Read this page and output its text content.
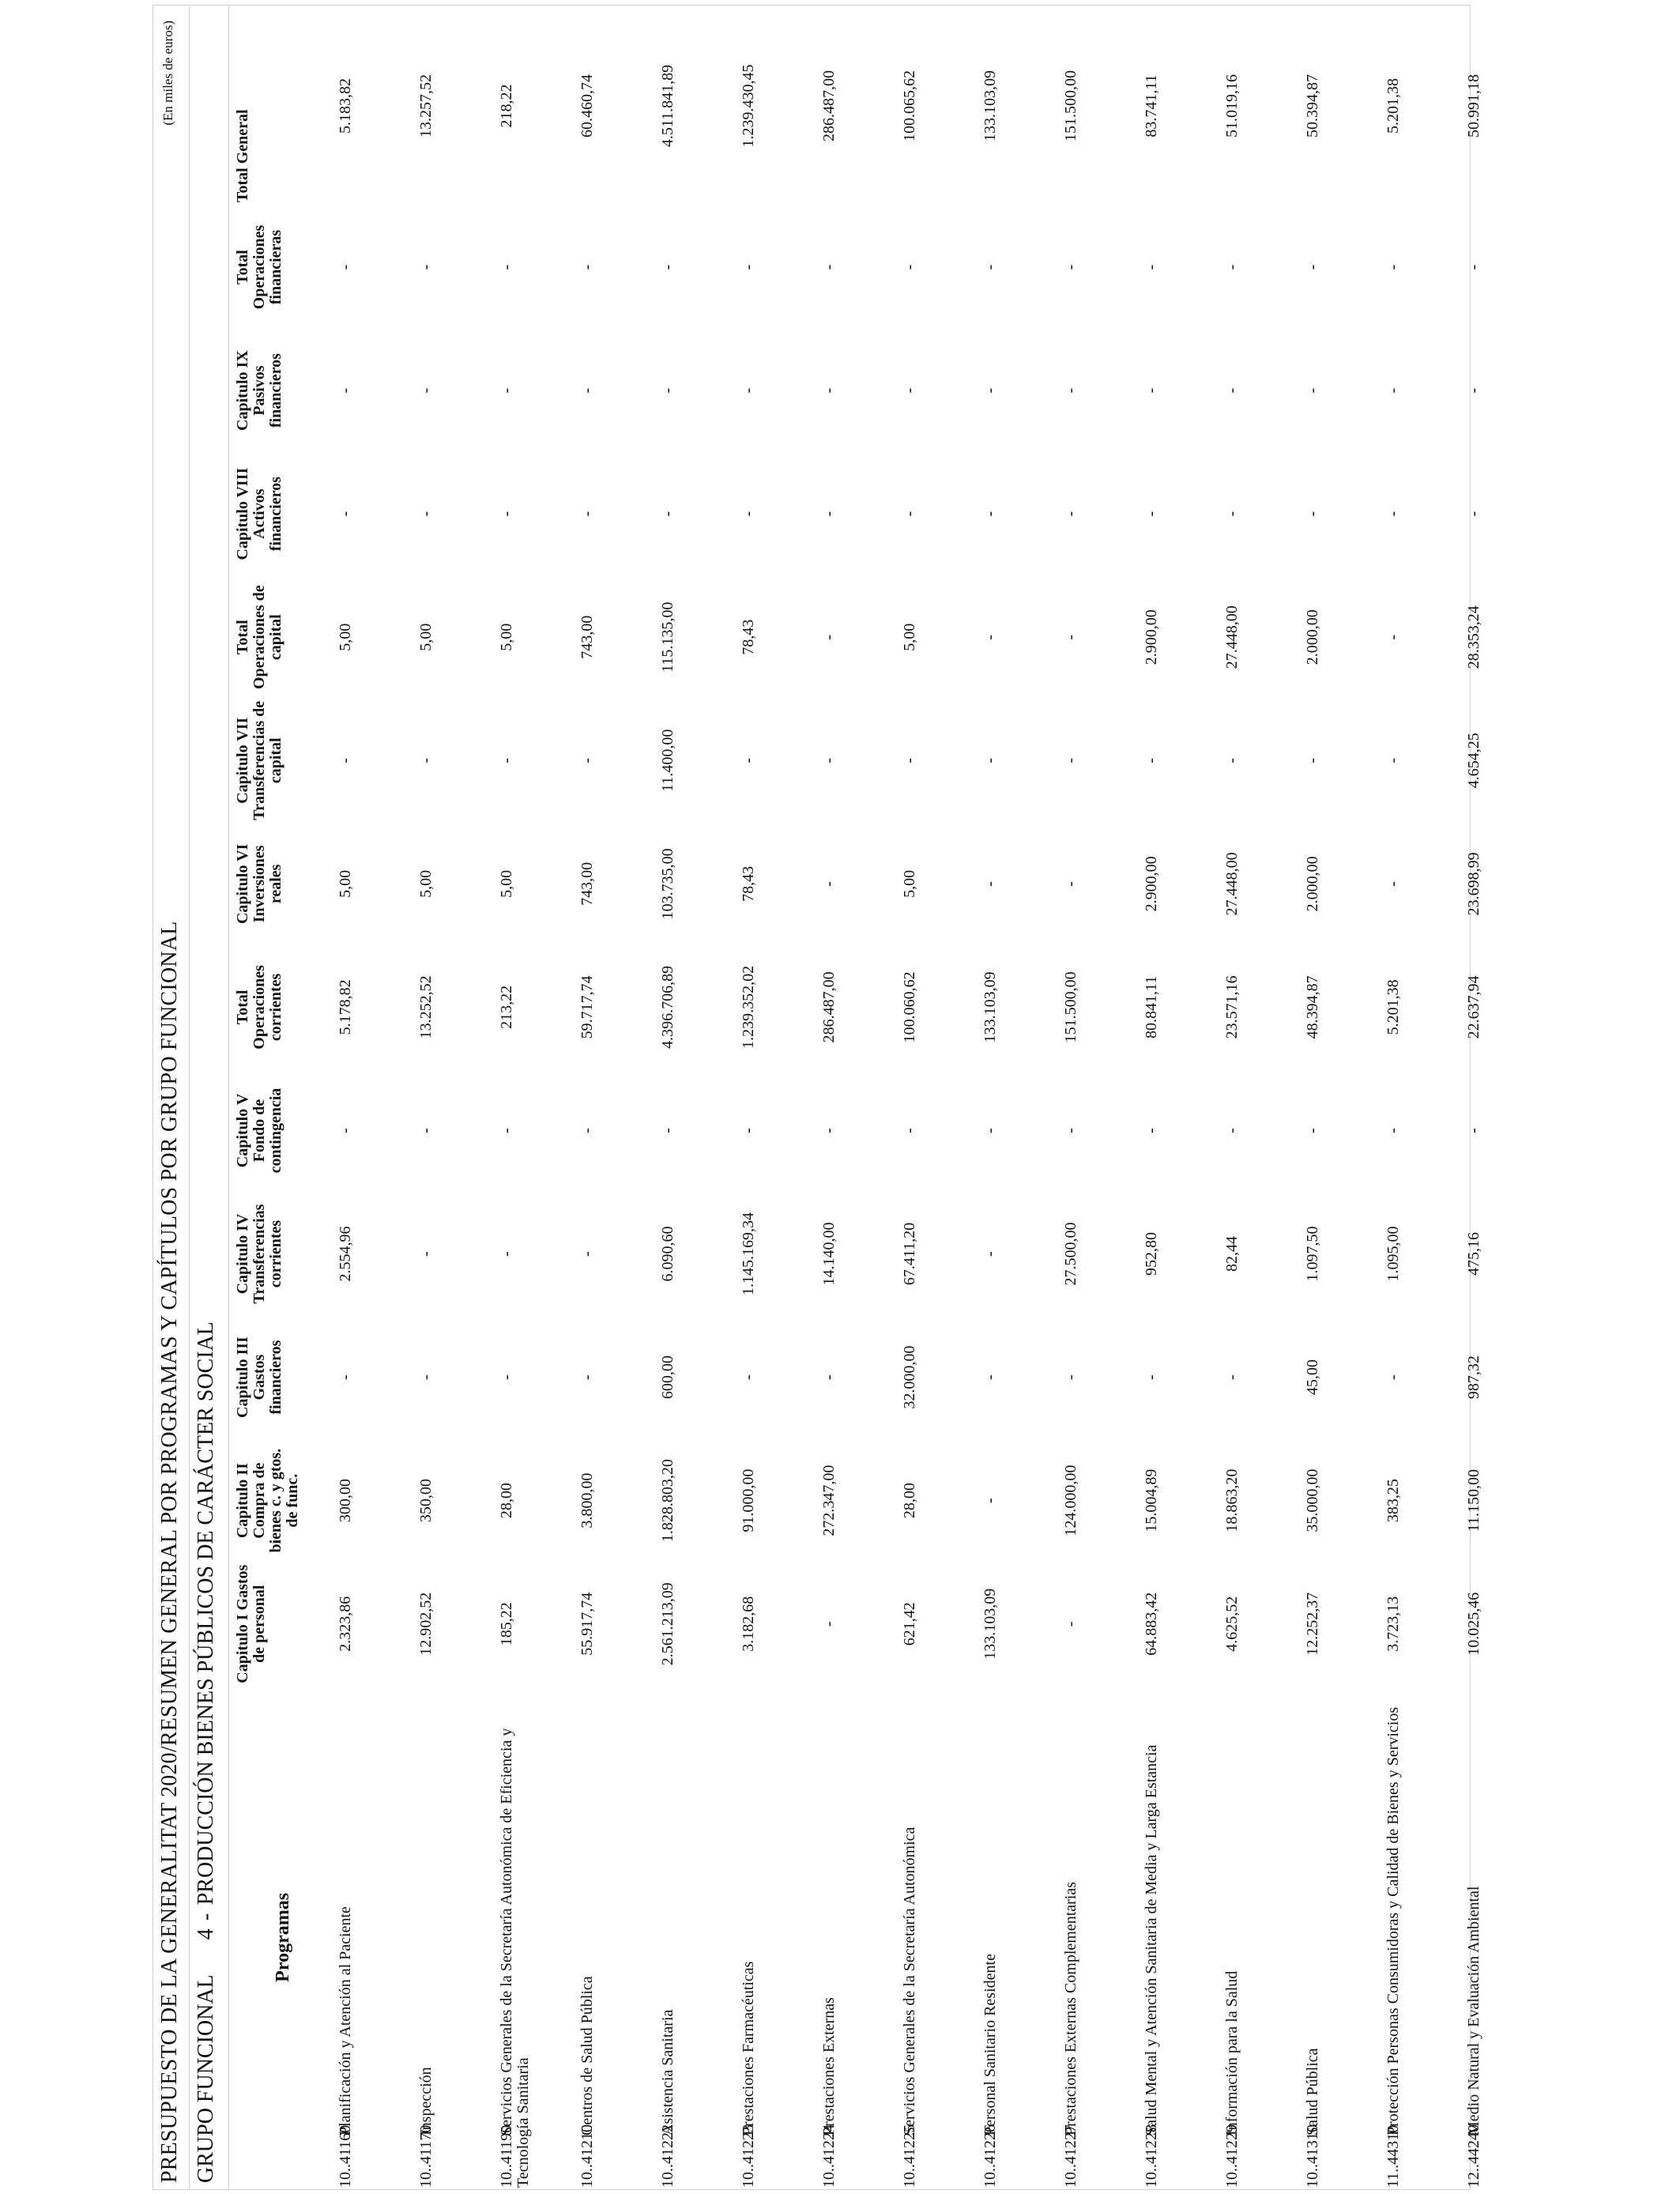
PRESUPUESTO DE LA GENERALITAT 2020/RESUMEN GENERAL POR PROGRAMAS Y CAPÍTULOS POR GRUPO FUNCIONAL
(En miles de euros)
GRUPO FUNCIONAL4-PRODUCCIÓN BIENES PÚBLICOS DE CARÁCTER SOCIAL
Programas	Capitulo I Gastos de personal	Capitulo II Compra de bienes c. y gtos. de func.	Capitulo III Gastos financieros	Capitulo IV Transferencias corrientes	Capitulo V Fondo de contingencia	Total Operaciones corrientes	Capitulo VI Inversiones reales	Capitulo VII Transferencias de capital	Total Operaciones de capital	Capitulo VIII Activos financieros	Capitulo IX Pasivos financieros	Total Operaciones financieras	Total General

10..41160Planificación y Atención al Paciente	2.323,86	300,00	-	2.554,96	-	5.178,82	5,00	-	5,00	-	-	-	5.183,82
10..41170Inspección	12.902,52	350,00	-	-	-	13.252,52	5,00	-	5,00	-	-	-	13.257,52
10..41190Servicios Generales de la Secretaría Autonómica de Eficiencia y Tecnología Sanitaria	185,22	28,00	-	-	-	213,22	5,00	-	5,00	-	-	-	218,22
10..41210Centros de Salud Pública	55.917,74	3.800,00	-	-	-	59.717,74	743,00	-	743,00	-	-	-	60.460,74
10..41222Asistencia Sanitaria	2.561.213,09	1.828.803,20	600,00	6.090,60	-	4.396.706,89	103.735,00	11.400,00	115.135,00	-	-	-	4.511.841,89
10..41223Prestaciones Farmacéuticas	3.182,68	91.000,00	-	1.145.169,34	-	1.239.352,02	78,43	-	78,43	-	-	-	1.239.430,45
10..41224Prestaciones Externas	-	272.347,00	-	14.140,00	-	286.487,00	-	-	-	-	-	-	286.487,00
10..41225Servicios Generales de la Secretaría Autonómica	621,42	28,00	32.000,00	67.411,20	-	100.060,62	5,00	-	5,00	-	-	-	100.065,62
10..41226Personal Sanitario Residente	133.103,09	-	-	-	-	133.103,09	-	-	-	-	-	-	133.103,09
10..41227Prestaciones Externas Complementarias	-	124.000,00	-	27.500,00	-	151.500,00	-	-	-	-	-	-	151.500,00
10..41228Salud Mental y Atención Sanitaria de Media y Larga Estancia	64.883,42	15.004,89	-	952,80	-	80.841,11	2.900,00	-	2.900,00	-	-	-	83.741,11
10..41229Información para la Salud	4.625,52	18.863,20	-	82,44	-	23.571,16	27.448,00	-	27.448,00	-	-	-	51.019,16
10..41310Salud Pública	12.252,37	35.000,00	45,00	1.097,50	-	48.394,87	2.000,00	-	2.000,00	-	-	-	50.394,87
11..44310Protección Personas Consumidoras y Calidad de Bienes y Servicios	3.723,13	383,25	-	1.095,00	-	5.201,38	-	-	-	-	-	-	5.201,38
12..44240Medio Natural y Evaluación Ambiental	10.025,46	11.150,00	987,32	475,16	-	22.637,94	23.698,99	4.654,25	28.353,24	-	-	-	50.991,18
